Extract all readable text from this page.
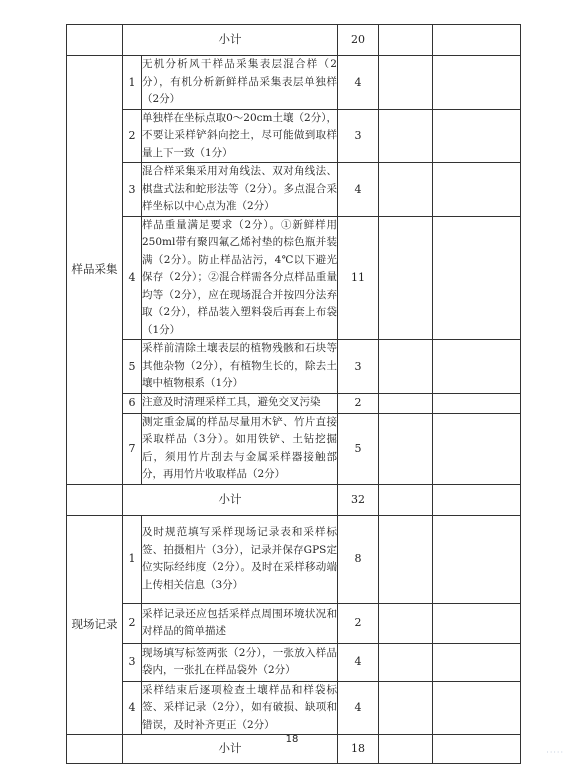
	小计		20		
样品采集	1	无机分析风干样品采集表层混合样（2分），有机分析新鲜样品采集表层单独样（2分）	4		
	2	单独样在坐标点取0～20cm土壤（2分），不要让采样铲斜向挖土，尽可能做到取样量上下一致（1分）	3		
	3	混合样采集采用对角线法、双对角线法、棋盘式法和蛇形法等（2分）。多点混合采样坐标以中心点为准（2分）	4		
	4	样品重量满足要求（2分）。①新鲜样用250ml带有聚四氟乙烯衬垫的棕色瓶并装满（2分）。防止样品沾污，4℃以下避光保存（2分）；②混合样需各分点样品重量均等（2分），应在现场混合并按四分法弃取（2分），样品装入塑料袋后再套上布袋（1分）	11		
	5	采样前清除土壤表层的植物残骸和石块等其他杂物（2分），有植物生长的，除去土壤中植物根系（1分）	3		
	6	注意及时清理采样工具，避免交叉污染	2		
	7	测定重金属的样品尽量用木铲、竹片直接采取样品（3分）。如用铁铲、土钻挖掘后，须用竹片刮去与金属采样器接触部分，再用竹片收取样品（2分）	5		
	小计		32		
现场记录	1	及时规范填写采样现场记录表和采样标签、拍摄相片（3分），记录并保存GPS定位实际经纬度（2分）。及时在采样移动端上传相关信息（3分）	8		
	2	采样记录还应包括采样点周围环境状况和对样品的简单描述	2		
	3	现场填写标签两张（2分），一张放入样品袋内，一张扎在样品袋外（2分）	4		
	4	采样结束后逐项检查土壤样品和样袋标签、采样记录（2分），如有破损、缺项和错误，及时补齐更正（2分）	4		
	小计		18		
18
·····
